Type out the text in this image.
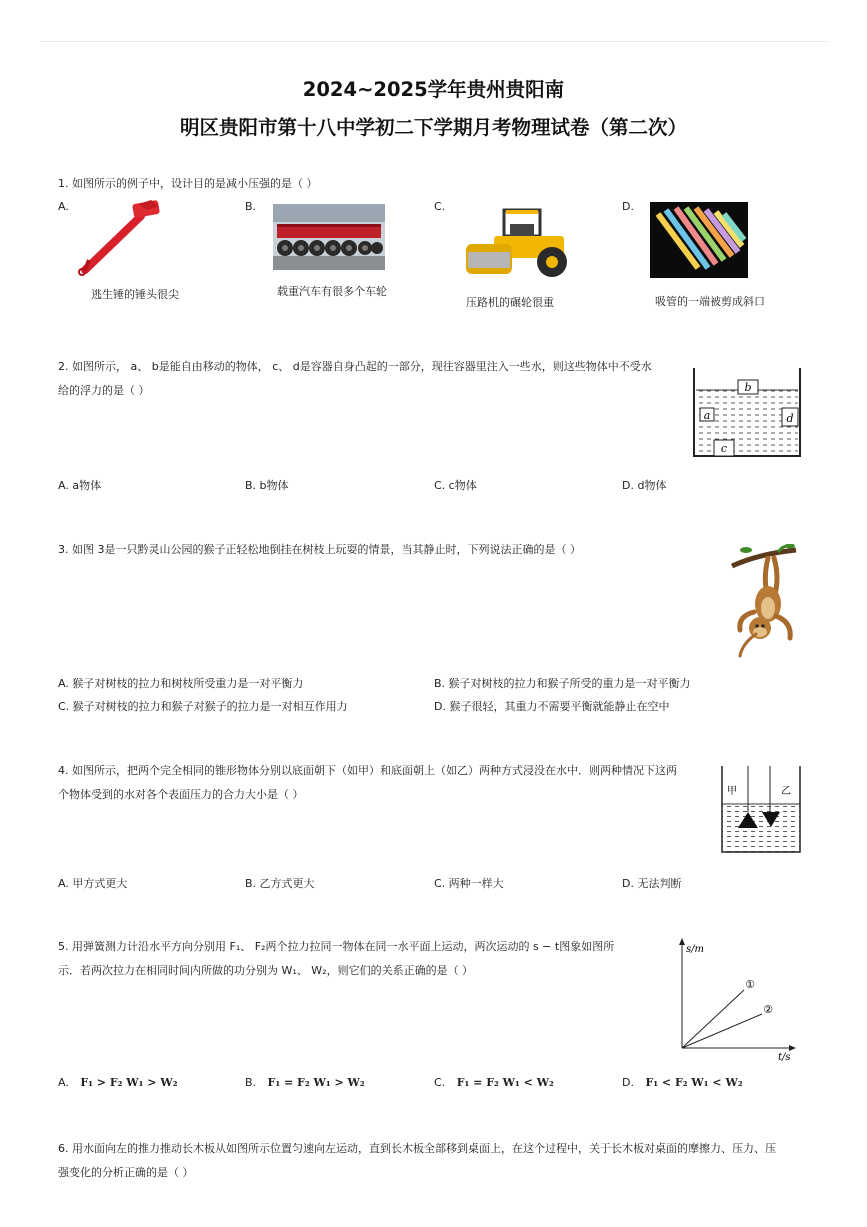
2024~2025学年贵州贵阳南
明区贵阳市第十八中学初二下学期月考物理试卷（第二次）
1. 如图所示的例子中，设计目的是减小压强的是（ ）
A.	B.	C.	D.
逃生锤的锤头很尖	载重汽车有很多个车轮
压路机的碾轮很重	吸管的一端被剪成斜口
2. 如图所示， a、 b是能自由移动的物体， c、 d是容器自身凸起的一部分，现往容器里注入一些水，则这些物体中不受水
给的浮力的是（ ）	b
a	d
c
A. a物体	B. b物体	C. c物体	D. d物体
3. 如图 3是一只黔灵山公园的猴子正轻松地倒挂在树枝上玩耍的情景，当其静止时，下列说法正确的是（ ）
A. 猴子对树枝的拉力和树枝所受重力是一对平衡力	B. 猴子对树枝的拉力和猴子所受的重力是一对平衡力
C. 猴子对树枝的拉力和猴子对猴子的拉力是一对相互作用力	D. 猴子很轻，其重力不需要平衡就能静止在空中
4. 如图所示，把两个完全相同的锥形物体分别以底面朝下（如甲）和底面朝上（如乙）两种方式浸没在水中．则两种情况下这两
个物体受到的水对各个表面压力的合力大小是（ ）	甲	乙
A. 甲方式更大	B. 乙方式更大	C. 两种一样大	D. 无法判断
5. 用弹簧测力计沿水平方向分别用 F₁、 F₂两个拉力拉同一物体在同一水平面上运动，两次运动的 s − t图象如图所
示．若两次拉力在相同时间内所做的功分别为 W₁、 W₂，则它们的关系正确的是（ ）
s/m
t/s
①
②
A. F₁ > F₂ W₁ > W₂	B. F₁ = F₂ W₁ > W₂	C. F₁ = F₂ W₁ < W₂	D. F₁ < F₂ W₁ < W₂
6. 用水面向左的推力推动长木板从如图所示位置匀速向左运动，直到长木板全部移到桌面上，在这个过程中，关于长木板对桌面的摩擦力、压力、压
强变化的分析正确的是（ ）
